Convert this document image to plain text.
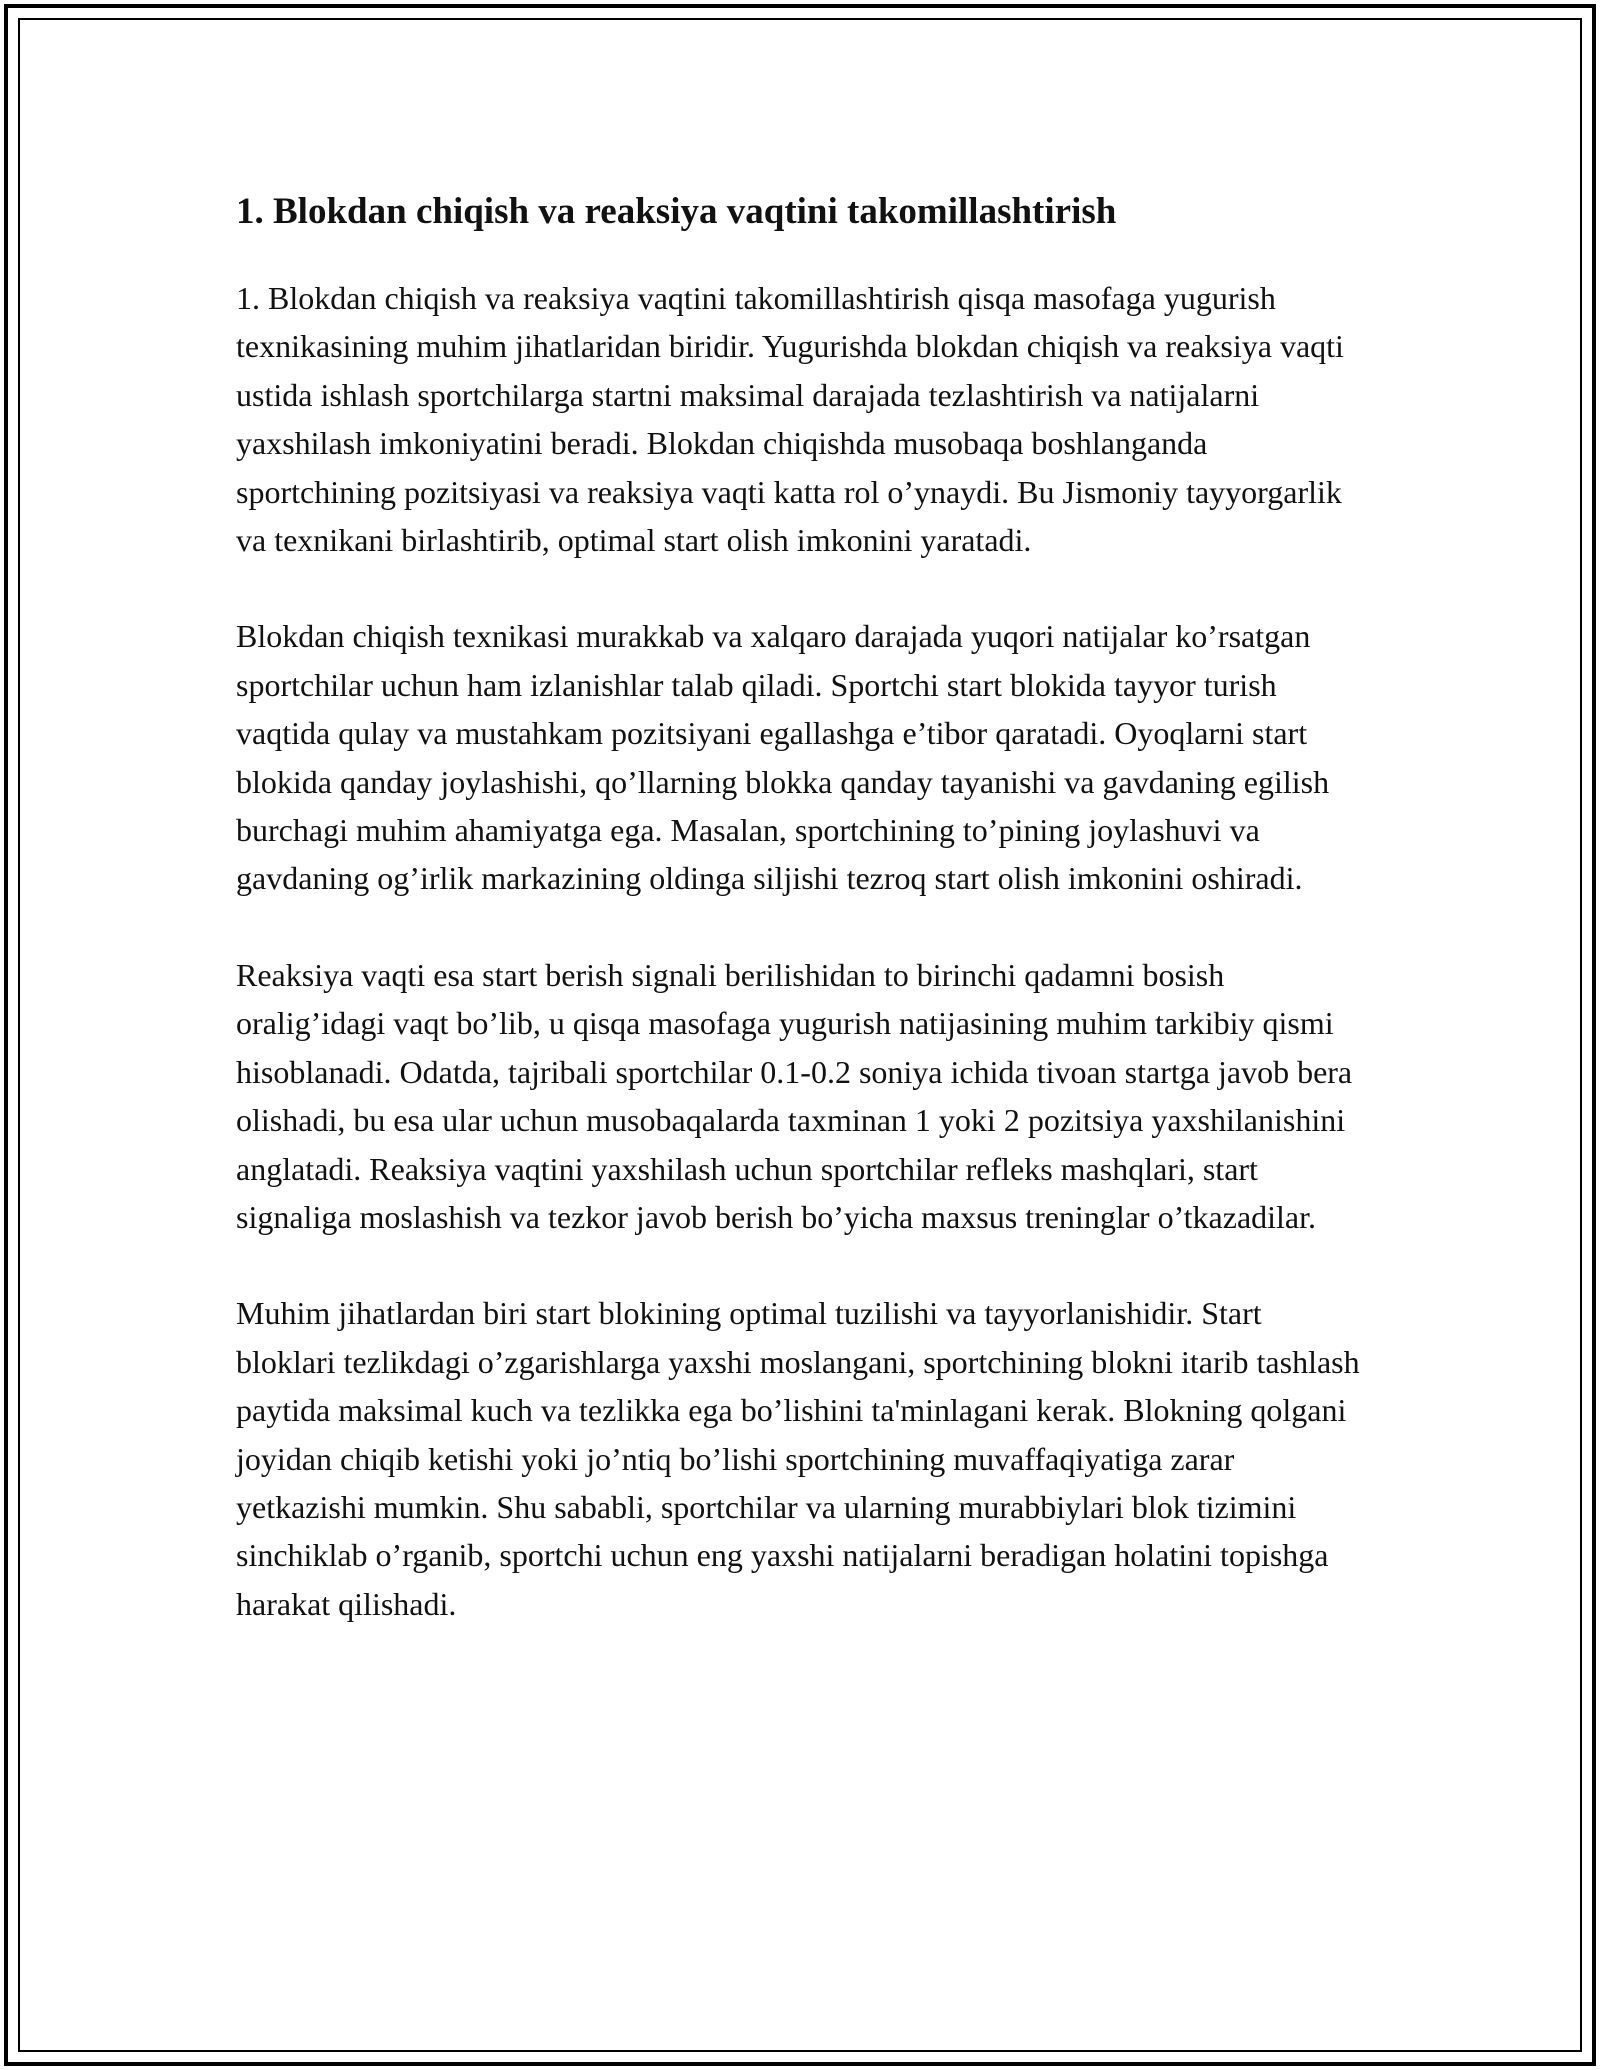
1. Blokdan chiqish va reaksiya vaqtini takomillashtirish

1. Blokdan chiqish va reaksiya vaqtini takomillashtirish qisqa masofaga yugurish texnikasining muhim jihatlaridan biridir. Yugurishda blokdan chiqish va reaksiya vaqti ustida ishlash sportchilarga startni maksimal darajada tezlashtirish va natijalarni yaxshilash imkoniyatini beradi. Blokdan chiqishda musobaqa boshlanganda sportchining pozitsiyasi va reaksiya vaqti katta rol o’ynaydi. Bu Jismoniy tayyorgarlik va texnikani birlashtirib, optimal start olish imkonini yaratadi.

Blokdan chiqish texnikasi murakkab va xalqaro darajada yuqori natijalar ko’rsatgan sportchilar uchun ham izlanishlar talab qiladi. Sportchi start blokida tayyor turish vaqtida qulay va mustahkam pozitsiyani egallashga e’tibor qaratadi. Oyoqlarni start blokida qanday joylashishi, qo’llarning blokka qanday tayanishi va gavdaning egilish burchagi muhim ahamiyatga ega. Masalan, sportchining to’pining joylashuvi va gavdaning og’irlik markazining oldinga siljishi tezroq start olish imkonini oshiradi.

Reaksiya vaqti esa start berish signali berilishidan to birinchi qadamni bosish oralig’idagi vaqt bo’lib, u qisqa masofaga yugurish natijasining muhim tarkibiy qismi hisoblanadi. Odatda, tajribali sportchilar 0.1-0.2 soniya ichida tivoan startga javob bera olishadi, bu esa ular uchun musobaqalarda taxminan 1 yoki 2 pozitsiya yaxshilanishini anglatadi. Reaksiya vaqtini yaxshilash uchun sportchilar refleks mashqlari, start signaliga moslashish va tezkor javob berish bo’yicha maxsus treninglar o’tkazadilar.

Muhim jihatlardan biri start blokining optimal tuzilishi va tayyorlanishidir. Start bloklari tezlikdagi o’zgarishlarga yaxshi moslangani, sportchining blokni itarib tashlash paytida maksimal kuch va tezlikka ega bo’lishini ta'minlagani kerak. Blokning qolgani joyidan chiqib ketishi yoki jo’ntiq bo’lishi sportchining muvaffaqiyatiga zarar yetkazishi mumkin. Shu sababli, sportchilar va ularning murabbiylari blok tizimini sinchiklab o’rganib, sportchi uchun eng yaxshi natijalarni beradigan holatini topishga harakat qilishadi.
